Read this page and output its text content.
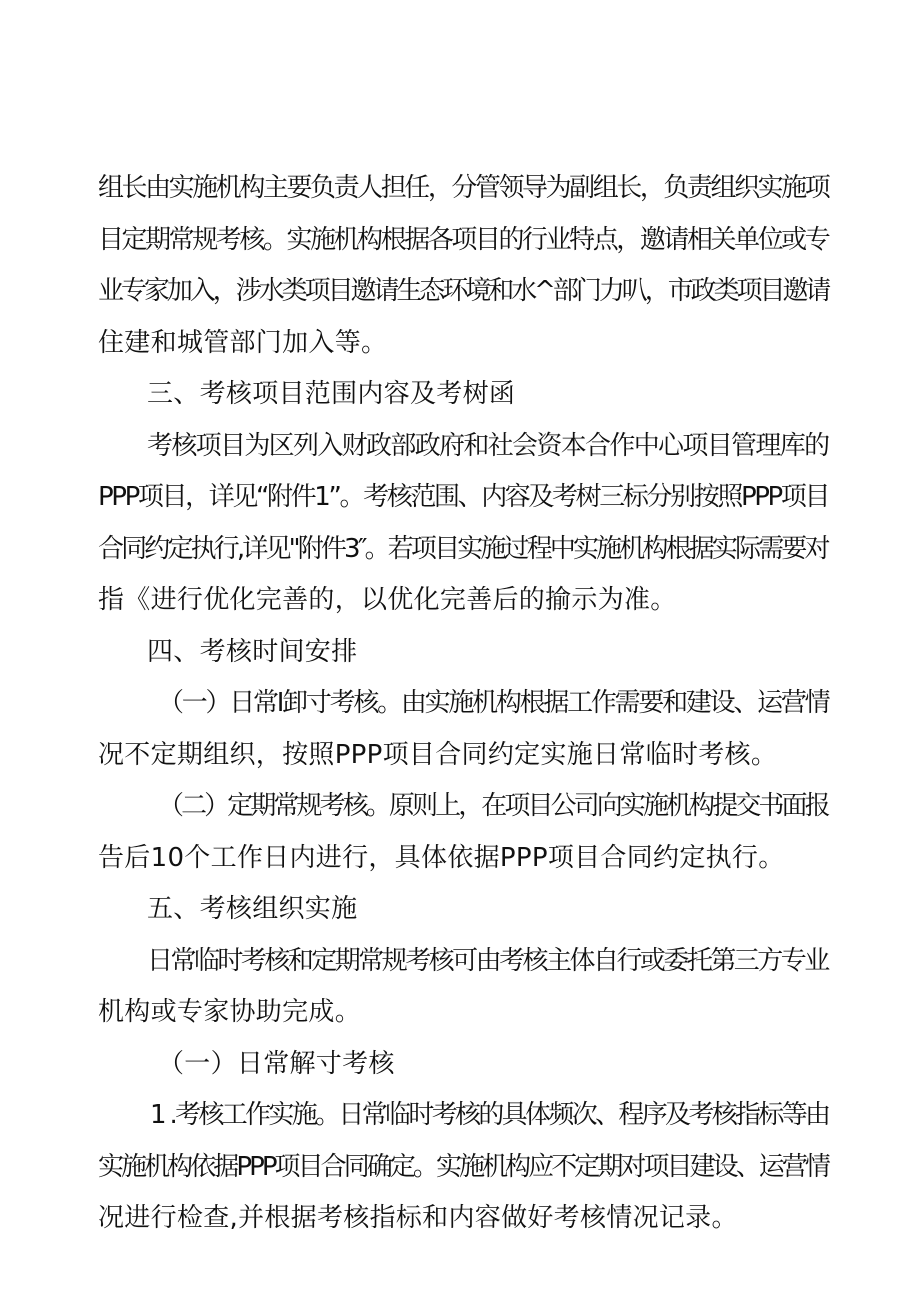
组长由实施机构主要负责人担任，分管领导为副组长，负责组织实施项

目定期常规考核。实施机构根据各项目的行业特点，邀请相关单位或专

业专家加入，涉水类项目邀请生态环境和水^部门力叭，市政类项目邀请

住建和城管部门加入等。

三、考核项目范围内容及考树函

考核项目为区列入财政部政府和社会资本合作中心项目管理库的

PPP项目，详见“附件1”。考核范围、内容及考树三标分别按照PPP项目

合同约定执行,详见"附件3″。若项目实施过程中实施机构根据实际需要对

指《进行优化完善的，以优化完善后的揄示为准。

四、考核时间安排

（一）日常I卸寸考核。由实施机构根据工作需要和建设、运营情

况不定期组织，按照PPP项目合同约定实施日常临时考核。

（二）定期常规考核。原则上，在项目公司向实施机构提交书面报

告后10个工作日内进行，具体依据PPP项目合同约定执行。

五、考核组织实施

日常临时考核和定期常规考核可由考核主体自行或委托第三方专业

机构或专家协助完成。

（一）日常解寸考核

1 .考核工作实施。日常临时考核的具体频次、程序及考核指标等由

实施机构依据PPP项目合同确定。实施机构应不定期对项目建设、运营情

况进行检查,并根据考核指标和内容做好考核情况记录。
